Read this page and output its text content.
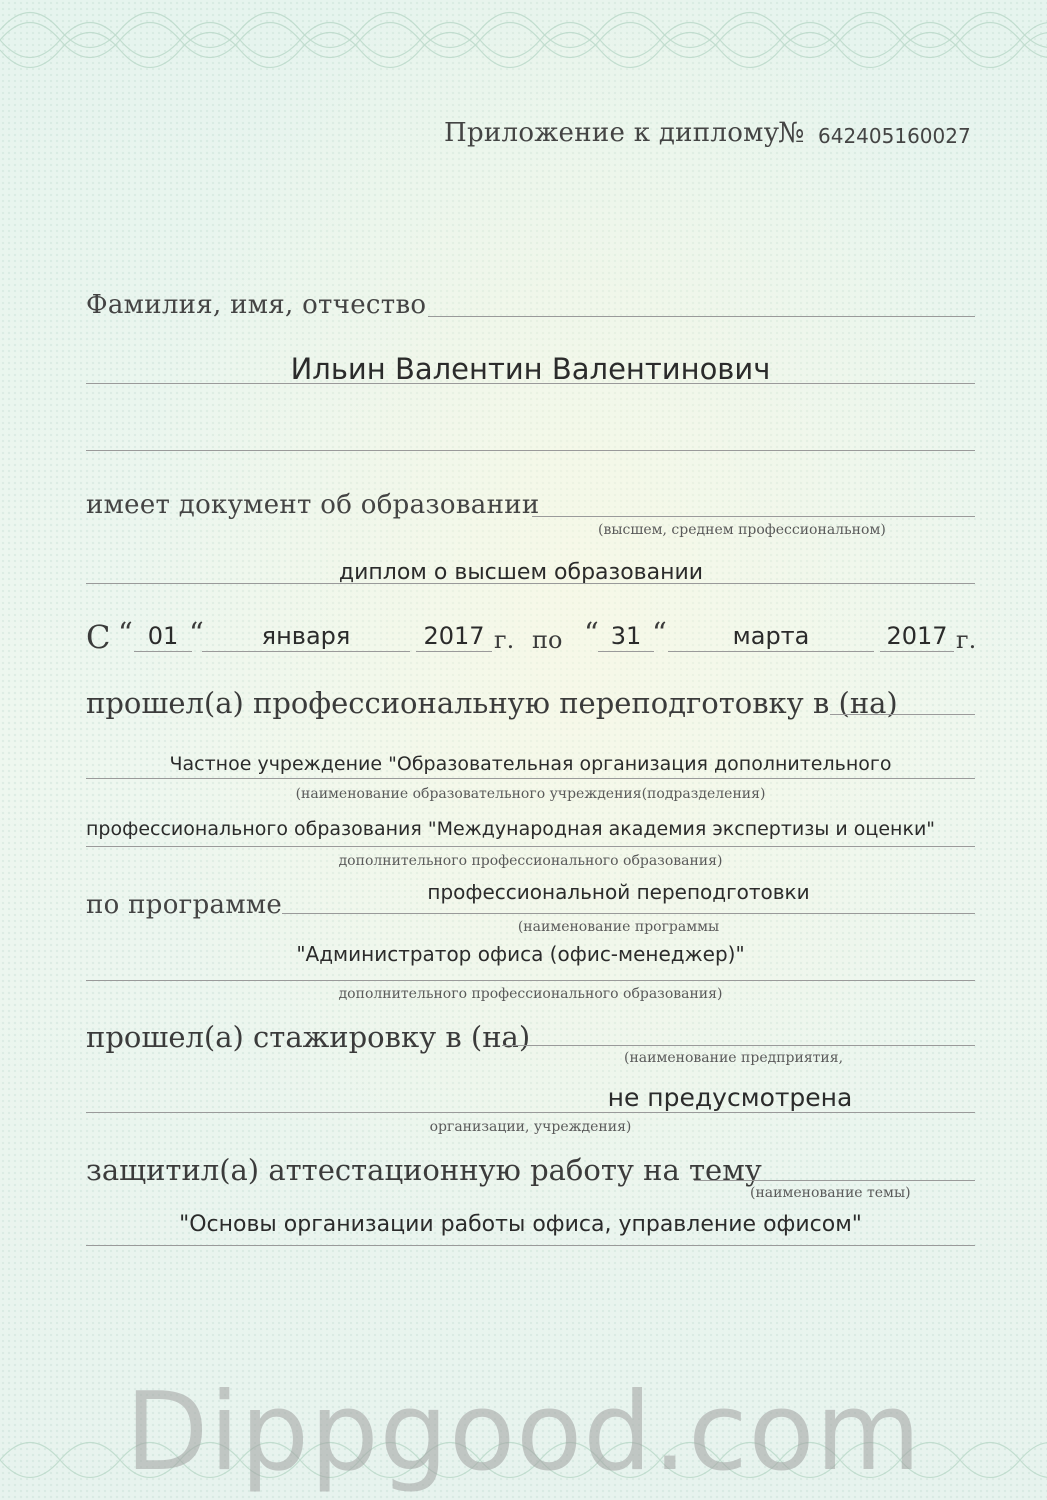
Приложение к диплому
№ 642405160027
Фамилия, имя, отчество
Ильин Валентин Валентинович
имеет документ об образовании
(высшем, среднем профессиональном)
диплом о высшем образовании
С “ 01 “	января	2017 г. по “ 31 “	марта	2017 г.
прошел(а) профессиональную переподготовку в (на)
Частное учреждение "Образовательная организация дополнительного
(наименование образовательного учреждения(подразделения)
профессионального образования "Международная академия экспертизы и оценки"
дополнительного профессионального образования)
по программе	профессиональной переподготовки
(наименование программы
"Администратор офиса (офис-менеджер)"
дополнительного профессионального образования)
прошел(а) стажировку в (на)
(наименование предприятия,
не предусмотрена
организации, учреждения)
защитил(а) аттестационную работу на тему
(наименование темы)
"Основы организации работы офиса, управление офисом"
Dippgood.com
